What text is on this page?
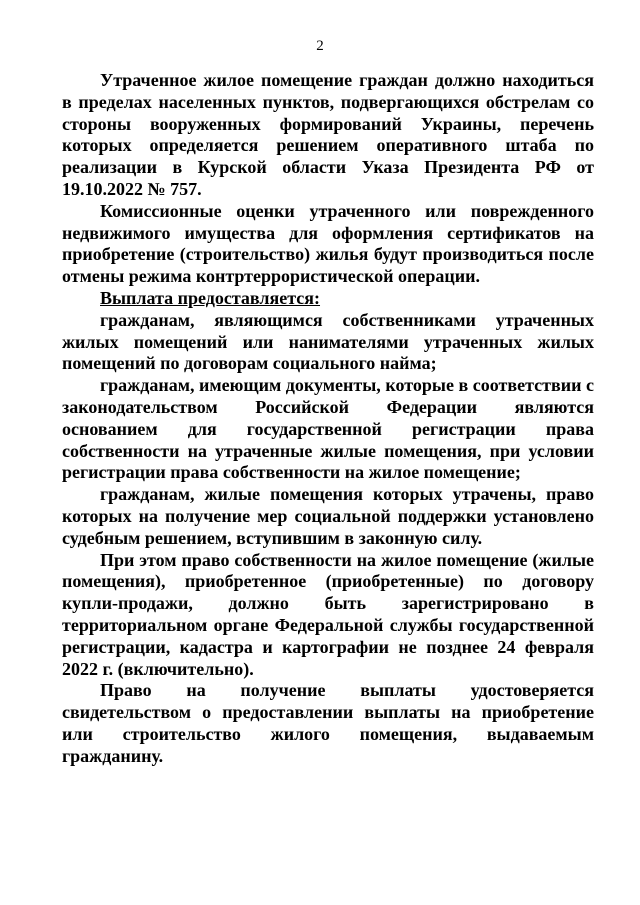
2

Утраченное жилое помещение граждан должно находиться в пределах населенных пунктов, подвергающихся обстрелам со стороны вооруженных формирований Украины, перечень которых определяется решением оперативного штаба по реализации в Курской области Указа Президента РФ от 19.10.2022 № 757.

Комиссионные оценки утраченного или поврежденного недвижимого имущества для оформления сертификатов на приобретение (строительство) жилья будут производиться после отмены режима контртеррористической операции.

Выплата предоставляется:

гражданам, являющимся собственниками утраченных жилых помещений или нанимателями утраченных жилых помещений по договорам социального найма;

гражданам, имеющим документы, которые в соответствии с законодательством Российской Федерации являются основанием для государственной регистрации права собственности на утраченные жилые помещения, при условии регистрации права собственности на жилое помещение;

гражданам, жилые помещения которых утрачены, право которых на получение мер социальной поддержки установлено судебным решением, вступившим в законную силу.

При этом право собственности на жилое помещение (жилые помещения), приобретенное (приобретенные) по договору купли-продажи, должно быть зарегистрировано в территориальном органе Федеральной службы государственной регистрации, кадастра и картографии не позднее 24 февраля 2022 г. (включительно).

Право на получение выплаты удостоверяется свидетельством о предоставлении выплаты на приобретение или строительство жилого помещения, выдаваемым гражданину.
